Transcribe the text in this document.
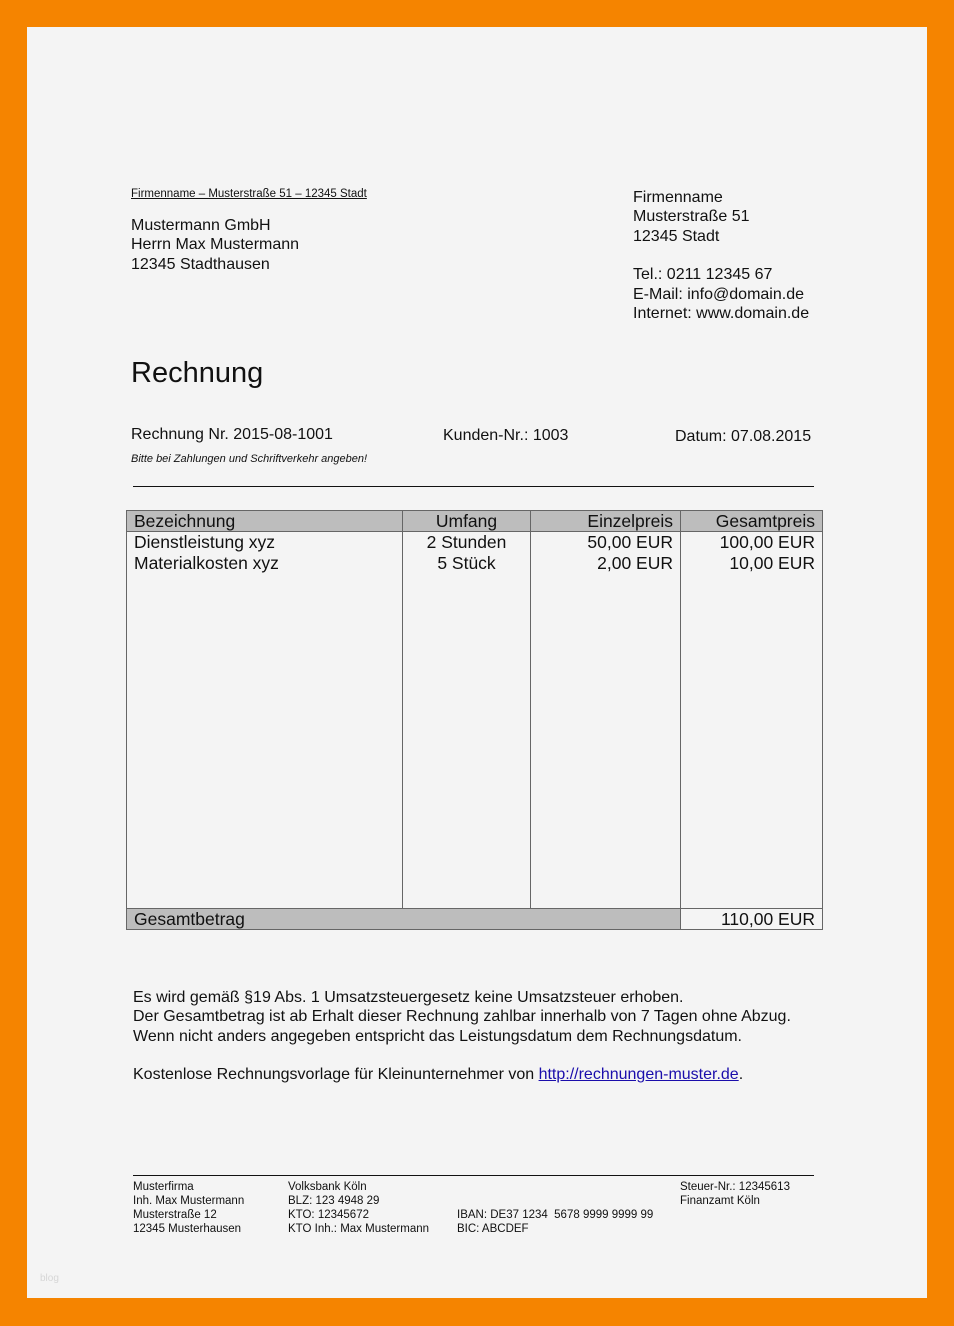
Firmenname – Musterstraße 51 – 12345 Stadt
Mustermann GmbH
Herrn Max Mustermann
12345 Stadthausen
Firmenname
Musterstraße 51
12345 Stadt
Tel.: 0211 12345 67
E-Mail: info@domain.de
Internet: www.domain.de
Rechnung
Rechnung Nr. 2015-08-1001	Kunden-Nr.: 1003	Datum: 07.08.2015
Bitte bei Zahlungen und Schriftverkehr angeben!
Bezeichnung	Umfang	Einzelpreis	Gesamtpreis
Dienstleistung xyz	2 Stunden	50,00 EUR	100,00 EUR
Materialkosten xyz	5 Stück	2,00 EUR	10,00 EUR

Gesamtbetrag			110,00 EUR
Es wird gemäß §19 Abs. 1 Umsatzsteuergesetz keine Umsatzsteuer erhoben.
Der Gesamtbetrag ist ab Erhalt dieser Rechnung zahlbar innerhalb von 7 Tagen ohne Abzug.
Wenn nicht anders angegeben entspricht das Leistungsdatum dem Rechnungsdatum.
Kostenlose Rechnungsvorlage für Kleinunternehmer von http://rechnungen-muster.de.
Musterfirma
Inh. Max Mustermann
Musterstraße 12
12345 Musterhausen
Volksbank Köln
BLZ: 123 4948 29
KTO: 12345672
KTO Inh.: Max Mustermann

IBAN: DE37 1234  5678 9999 9999 99
BIC: ABCDEF

Steuer-Nr.: 12345613
Finanzamt Köln
blog
